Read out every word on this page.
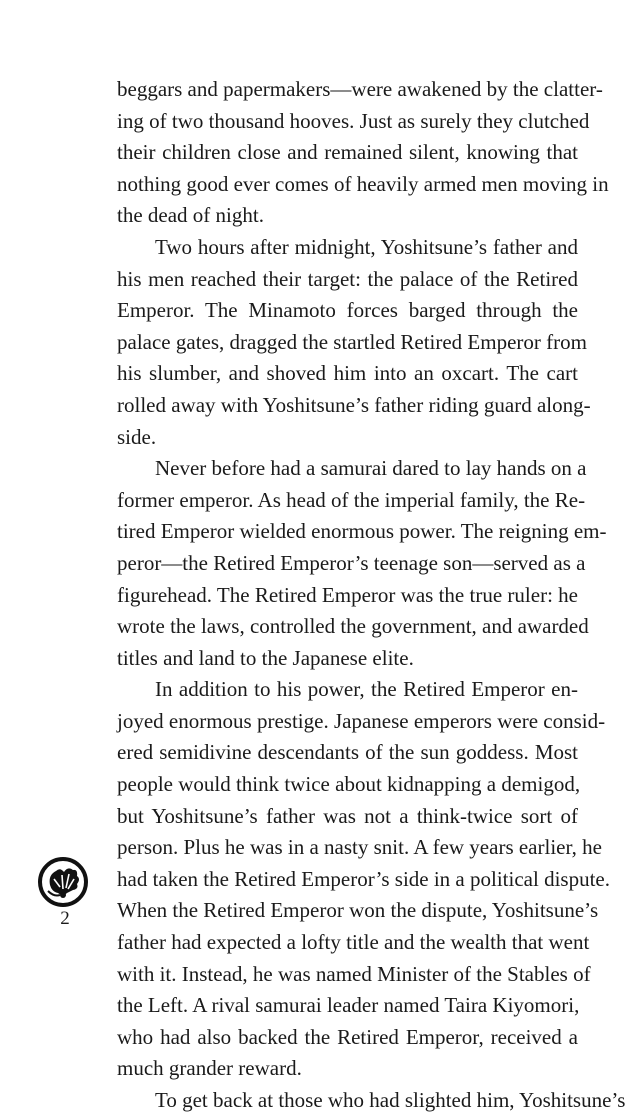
beggars and papermakers—were awakened by the clatter-
ing of two thousand hooves. Just as surely they clutched
their children close and remained silent, knowing that
nothing good ever comes of heavily armed men moving in
the dead of night.
Two hours after midnight, Yoshitsune’s father and
his men reached their target: the palace of the Retired
Emperor. The Minamoto forces barged through the
palace gates, dragged the startled Retired Emperor from
his slumber, and shoved him into an oxcart. The cart
rolled away with Yoshitsune’s father riding guard along-
side.
Never before had a samurai dared to lay hands on a
former emperor. As head of the imperial family, the Re-
tired Emperor wielded enormous power. The reigning em-
peror—the Retired Emperor’s teenage son—served as a
figurehead. The Retired Emperor was the true ruler: he
wrote the laws, controlled the government, and awarded
titles and land to the Japanese elite.
In addition to his power, the Retired Emperor en-
joyed enormous prestige. Japanese emperors were consid-
ered semidivine descendants of the sun goddess. Most
people would think twice about kidnapping a demigod,
but Yoshitsune’s father was not a think-twice sort of
person. Plus he was in a nasty snit. A few years earlier, he
had taken the Retired Emperor’s side in a political dispute.
When the Retired Emperor won the dispute, Yoshitsune’s
father had expected a lofty title and the wealth that went
with it. Instead, he was named Minister of the Stables of
the Left. A rival samurai leader named Taira Kiyomori,
who had also backed the Retired Emperor, received a
much grander reward.
To get back at those who had slighted him, Yoshitsune’s
2
